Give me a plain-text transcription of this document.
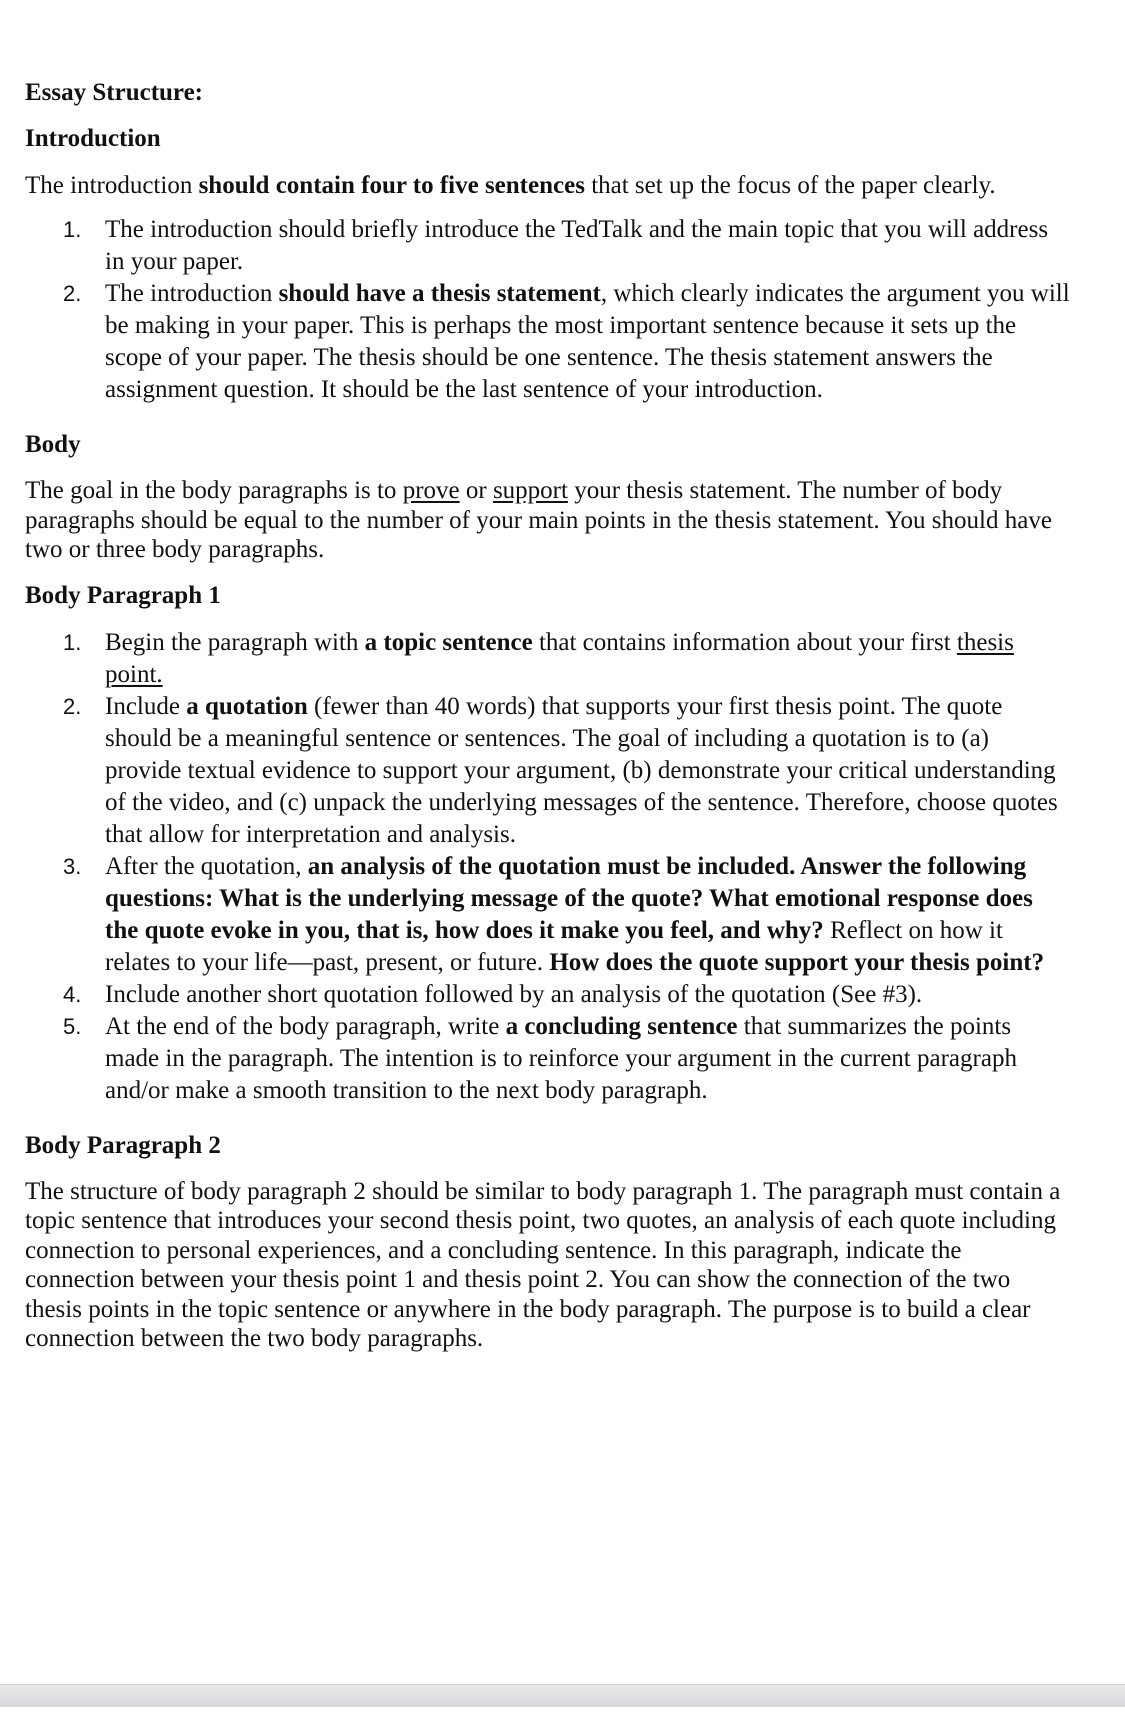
Essay Structure:
Introduction

The introduction should contain four to five sentences that set up the focus of the paper clearly.

1. The introduction should briefly introduce the TedTalk and the main topic that you will address in your paper.
2. The introduction should have a thesis statement, which clearly indicates the argument you will be making in your paper. This is perhaps the most important sentence because it sets up the scope of your paper. The thesis should be one sentence. The thesis statement answers the assignment question. It should be the last sentence of your introduction.
Body

The goal in the body paragraphs is to prove or support your thesis statement. The number of body paragraphs should be equal to the number of your main points in the thesis statement. You should have two or three body paragraphs.

Body Paragraph 1
1. Begin the paragraph with a topic sentence that contains information about your first thesis point.
2. Include a quotation (fewer than 40 words) that supports your first thesis point. The quote should be a meaningful sentence or sentences. The goal of including a quotation is to (a) provide textual evidence to support your argument, (b) demonstrate your critical understanding of the video, and (c) unpack the underlying messages of the sentence. Therefore, choose quotes that allow for interpretation and analysis.
3. After the quotation, an analysis of the quotation must be included. Answer the following questions: What is the underlying message of the quote? What emotional response does the quote evoke in you, that is, how does it make you feel, and why? Reflect on how it relates to your life—past, present, or future. How does the quote support your thesis point?
4. Include another short quotation followed by an analysis of the quotation (See #3).
5. At the end of the body paragraph, write a concluding sentence that summarizes the points made in the paragraph. The intention is to reinforce your argument in the current paragraph and/or make a smooth transition to the next body paragraph.
Body Paragraph 2

The structure of body paragraph 2 should be similar to body paragraph 1. The paragraph must contain a topic sentence that introduces your second thesis point, two quotes, an analysis of each quote including connection to personal experiences, and a concluding sentence. In this paragraph, indicate the connection between your thesis point 1 and thesis point 2. You can show the connection of the two thesis points in the topic sentence or anywhere in the body paragraph. The purpose is to build a clear connection between the two body paragraphs.
